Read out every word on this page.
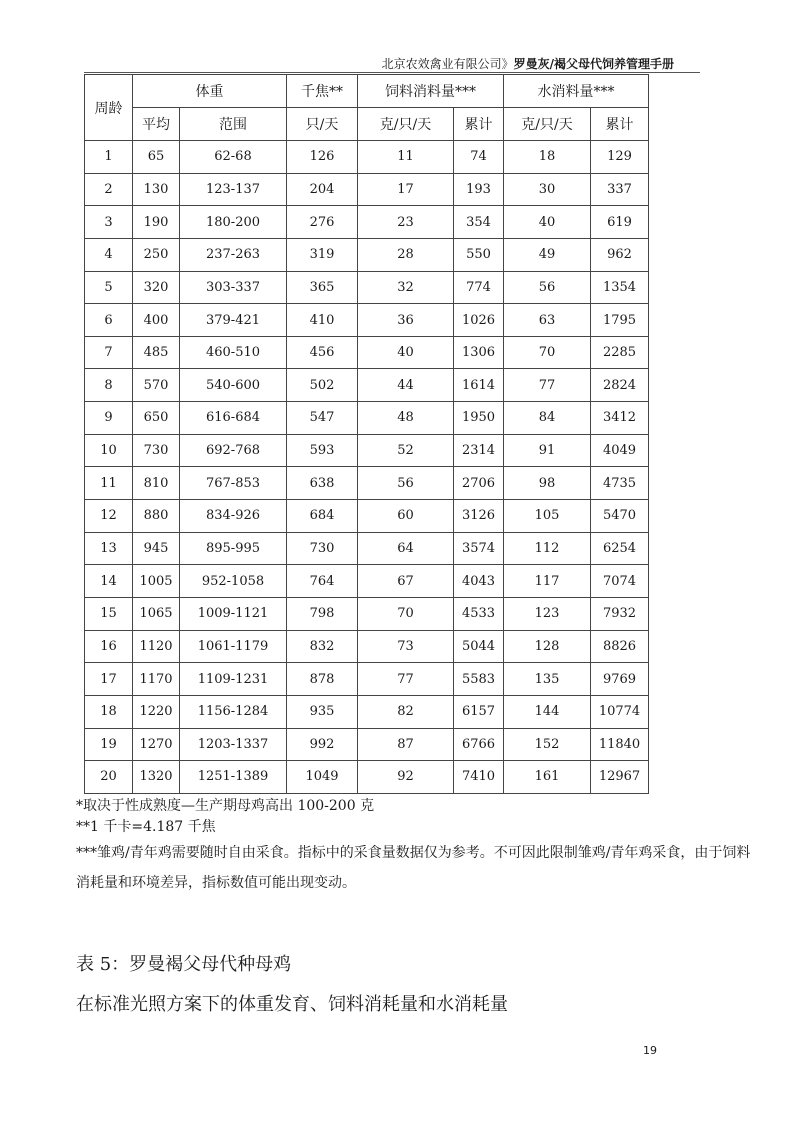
北京农效禽业有限公司》罗曼灰/褐父母代饲养管理手册
周龄	体重		千焦**	饲料消料量***		水消料量***	
	平均	范围	只/天	克/只/天	累计	克/只/天	累计
1	65	62-68	126	11	74	18	129
2	130	123-137	204	17	193	30	337
3	190	180-200	276	23	354	40	619
4	250	237-263	319	28	550	49	962
5	320	303-337	365	32	774	56	1354
6	400	379-421	410	36	1026	63	1795
7	485	460-510	456	40	1306	70	2285
8	570	540-600	502	44	1614	77	2824
9	650	616-684	547	48	1950	84	3412
10	730	692-768	593	52	2314	91	4049
11	810	767-853	638	56	2706	98	4735
12	880	834-926	684	60	3126	105	5470
13	945	895-995	730	64	3574	112	6254
14	1005	952-1058	764	67	4043	117	7074
15	1065	1009-1121	798	70	4533	123	7932
16	1120	1061-1179	832	73	5044	128	8826
17	1170	1109-1231	878	77	5583	135	9769
18	1220	1156-1284	935	82	6157	144	10774
19	1270	1203-1337	992	87	6766	152	11840
20	1320	1251-1389	1049	92	7410	161	12967

*取决于性成熟度—生产期母鸡高出 100-200 克

**1 千卡=4.187 千焦

***雏鸡/青年鸡需要随时自由采食。指标中的采食量数据仅为参考。不可因此限制雏鸡/青年鸡采食，由于饲料消耗量和环境差异，指标数值可能出现变动。

表 5：罗曼褐父母代种母鸡
在标准光照方案下的体重发育、饲料消耗量和水消耗量
19
